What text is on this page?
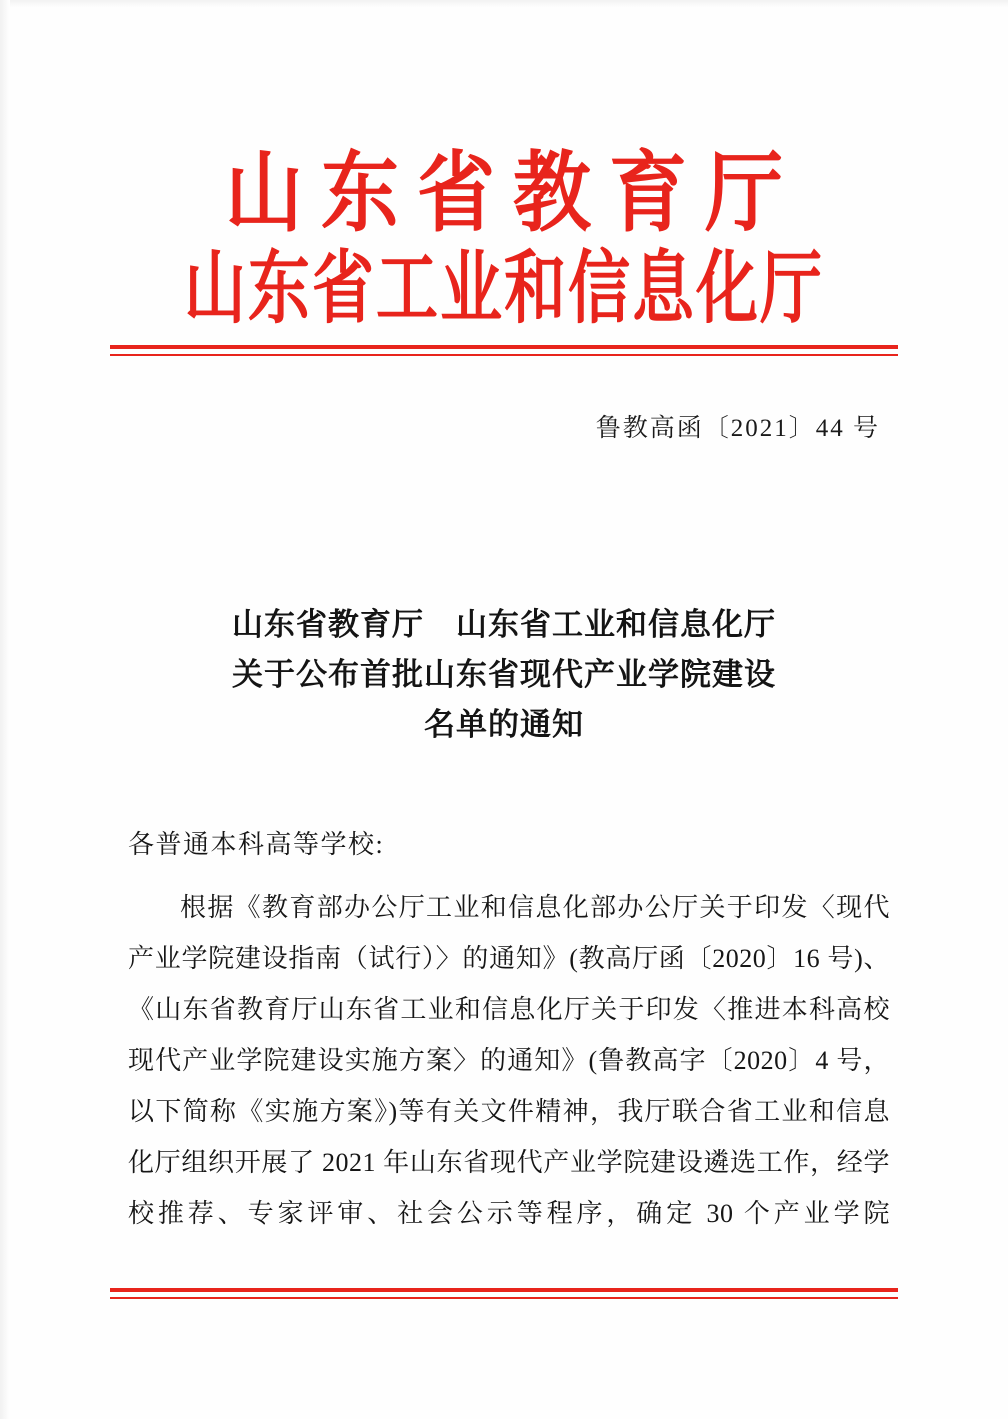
山东省教育厅
山东省工业和信息化厅
鲁教高函〔2021〕44 号
山东省教育厅　山东省工业和信息化厅
关于公布首批山东省现代产业学院建设
名单的通知
各普通本科高等学校:

根据《教育部办公厅工业和信息化部办公厅关于印发〈现代产业学院建设指南（试行）〉的通知》(教高厅函〔2020〕16 号)、《山东省教育厅山东省工业和信息化厅关于印发〈推进本科高校现代产业学院建设实施方案〉的通知》(鲁教高字〔2020〕4 号，以下简称《实施方案》)等有关文件精神，我厅联合省工业和信息化厅组织开展了 2021 年山东省现代产业学院建设遴选工作，经学校推荐、专家评审、社会公示等程序，确定 30 个产业学院
